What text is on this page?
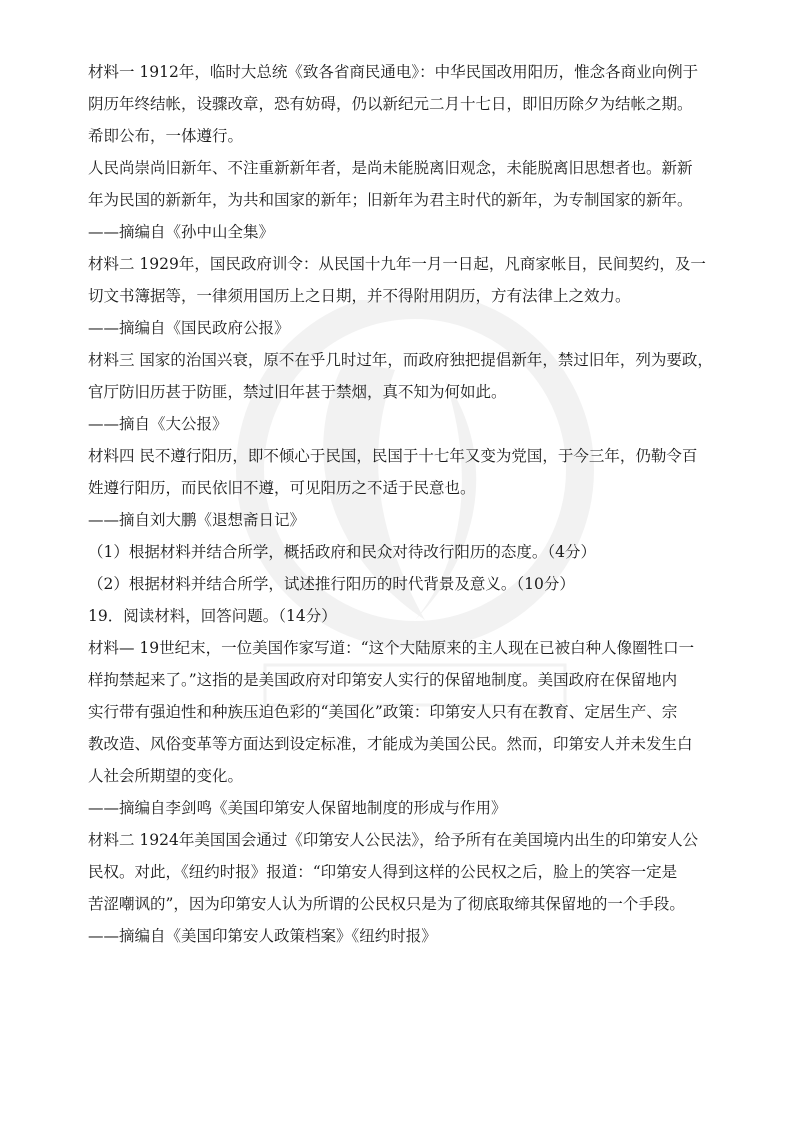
材料一 1912年，临时大总统《致各省商民通电》：中华民国改用阳历，惟念各商业向例于
阴历年终结帐，设骤改章，恐有妨碍，仍以新纪元二月十七日，即旧历除夕为结帐之期。
希即公布，一体遵行。
人民尚崇尚旧新年、不注重新新年者，是尚未能脱离旧观念，未能脱离旧思想者也。新新
年为民国的新新年，为共和国家的新年；旧新年为君主时代的新年，为专制国家的新年。
——摘编自《孙中山全集》
材料二 1929年，国民政府训令：从民国十九年一月一日起，凡商家帐目，民间契约，及一
切文书簿据等，一律须用国历上之日期，并不得附用阴历，方有法律上之效力。
——摘编自《国民政府公报》
材料三 国家的治国兴衰，原不在乎几时过年，而政府独把提倡新年，禁过旧年，列为要政，
官厅防旧历甚于防匪，禁过旧年甚于禁烟，真不知为何如此。
——摘自《大公报》
材料四 民不遵行阳历，即不倾心于民国，民国于十七年又变为党国，于今三年，仍勒令百
姓遵行阳历，而民依旧不遵，可见阳历之不适于民意也。
——摘自刘大鹏《退想斋日记》
（1）根据材料并结合所学，概括政府和民众对待改行阳历的态度。（4分）
（2）根据材料并结合所学，试述推行阳历的时代背景及意义。（10分）
19．阅读材料，回答问题。（14分）
材料— 19世纪末，一位美国作家写道：“这个大陆原来的主人现在已被白种人像圈牲口一
样拘禁起来了。”这指的是美国政府对印第安人实行的保留地制度。美国政府在保留地内
实行带有强迫性和种族压迫色彩的“美国化”政策：印第安人只有在教育、定居生产、宗
教改造、风俗变革等方面达到设定标准，才能成为美国公民。然而，印第安人并未发生白
人社会所期望的变化。
——摘编自李剑鸣《美国印第安人保留地制度的形成与作用》
材料二 1924年美国国会通过《印第安人公民法》，给予所有在美国境内出生的印第安人公
民权。对此，《纽约时报》报道：“印第安人得到这样的公民权之后，脸上的笑容一定是
苦涩嘲讽的”，因为印第安人认为所谓的公民权只是为了彻底取缔其保留地的一个手段。
——摘编自《美国印第安人政策档案》《纽约时报》
